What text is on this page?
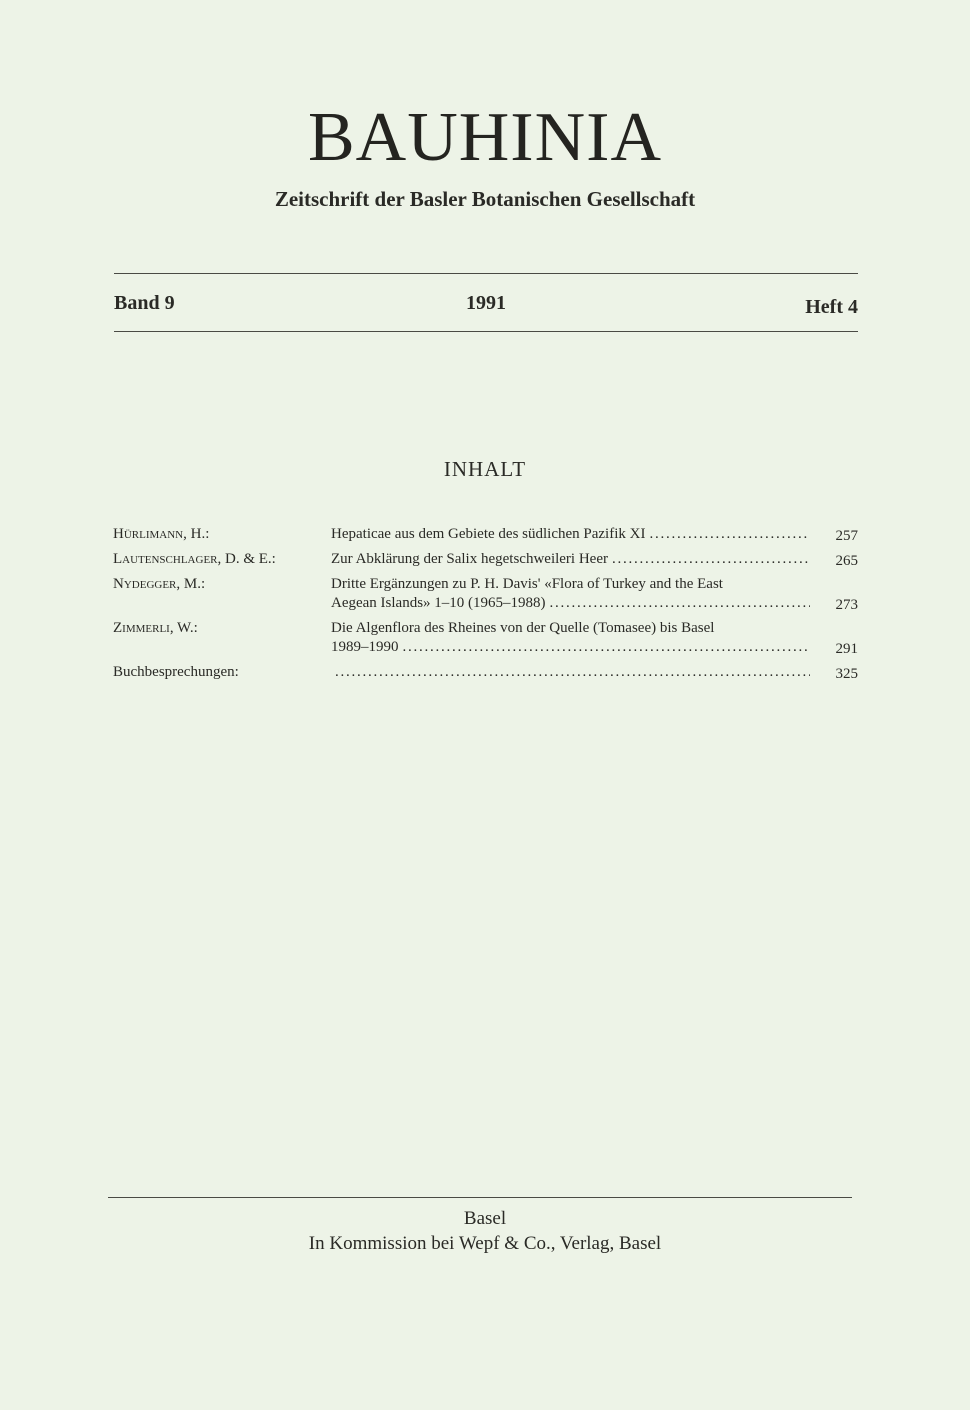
BAUHINIA
Zeitschrift der Basler Botanischen Gesellschaft
Band 9	1991	Heft 4
INHALT
Hürlimann, H.:	Hepaticae aus dem Gebiete des südlichen Pazifik XI . . .	257
Lautenschlager, D. & E.:	Zur Abklärung der Salix hegetschweileri Heer . . .	265
Nydegger, M.:	Dritte Ergänzungen zu P. H. Davis' «Flora of Turkey and the East
Aegean Islands» 1–10 (1965–1988) . . .	273
Zimmerli, W.:	Die Algenflora des Rheines von der Quelle (Tomasee) bis Basel
1989–1990 . . .	291
Buchbesprechungen: . . .	325
Basel
In Kommission bei Wepf & Co., Verlag, Basel
